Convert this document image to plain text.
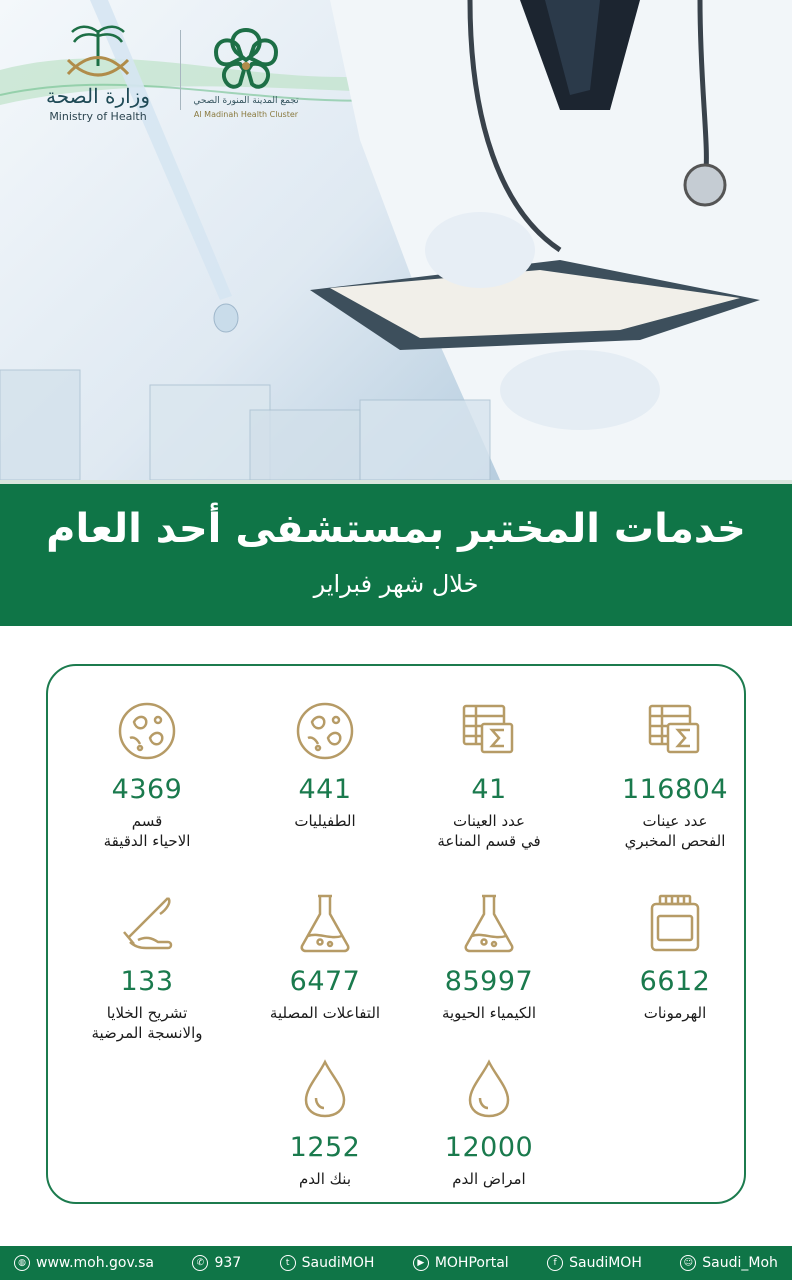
وزارة الصحة
Ministry of Health
تجمع المدينة المنورة الصحي
Al Madinah Health Cluster
خدمات المختبر بمستشفى أحد العام
خلال شهر فبراير
116804
عدد عينات
الفحص المخبري
41
عدد العينات
في قسم المناعة
441
الطفيليات
4369
قسم
الاحياء الدقيقة
6612
الهرمونات
85997
الكيمياء الحيوية
6477
التفاعلات المصلية
133
تشريح الخلايا
والانسجة المرضية
12000
امراض الدم
1252
بنك الدم
◍ www.moh.gov.sa	✆ 937	t SaudiMOH	▶ MOHPortal	f SaudiMOH	☺ Saudi_Moh
